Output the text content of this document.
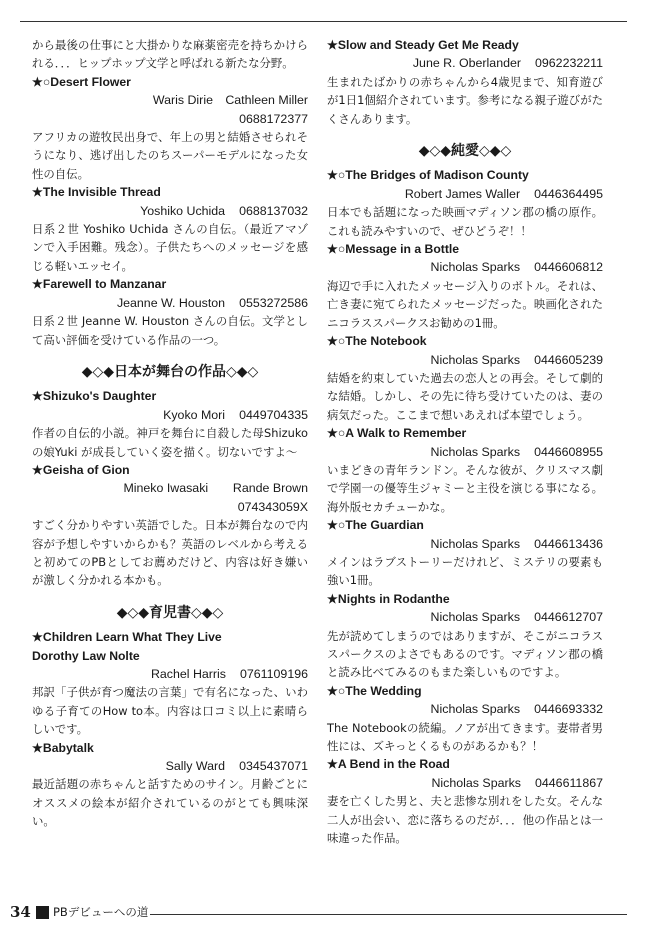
から最後の仕事にと大掛かりな麻薬密売を持ちかけられる．．．ヒップホップ文学と呼ばれる新たな分野。

★○Desert Flower
Waris Dirie　Cathleen Miller
0688172377

アフリカの遊牧民出身で、年上の男と結婚させられそうになり、逃げ出したのちスーパーモデルになった女性の自伝。

★The Invisible Thread
Yoshiko Uchida 0688137032

日系２世 Yoshiko Uchida さんの自伝。（最近アマゾンで入手困難。残念）。子供たちへのメッセージを感じる軽いエッセイ。

★Farewell to Manzanar
Jeanne W. Houston 0553272586

日系２世 Jeanne W. Houston さんの自伝。文学として高い評価を受けている作品の一つ。

◆◇◆日本が舞台の作品◇◆◇
★Shizuko's Daughter
Kyoko Mori 0449704335

作者の自伝的小説。神戸を舞台に自殺した母Shizukoの娘Yuki が成長していく姿を描く。切ないですよ〜

★Geisha of Gion
Mineko Iwasaki　　Rande Brown
074343059X

すごく分かりやすい英語でした。日本が舞台なので内容が予想しやすいからかも？英語のレベルから考えると初めてのPBとしてお薦めだけど、内容は好き嫌いが激しく分かれる本かも。

◆◇◆育児書◇◆◇
★Children Learn What They Live
Dorothy Law Nolte
Rachel Harris 0761109196

邦訳「子供が育つ魔法の言葉」で有名になった、いわゆる子育てのHow to本。内容は口コミ以上に素晴らしいです。

★Babytalk
Sally Ward 0345437071

最近話題の赤ちゃんと話すためのサイン。月齢ごとにオススメの絵本が紹介されているのがとても興味深い。

★Slow and Steady Get Me Ready
June R. Oberlander 0962232211

生まれたばかりの赤ちゃんから4歳児まで、知育遊びが1日1個紹介されています。参考になる親子遊びがたくさんあります。

◆◇◆純愛◇◆◇
★○The Bridges of Madison County
Robert James Waller 0446364495

日本でも話題になった映画マディソン郡の橋の原作。これも読みやすいので、ぜひどうぞ！！

★○Message in a Bottle
Nicholas Sparks 0446606812

海辺で手に入れたメッセージ入りのボトル。それは、亡き妻に宛てられたメッセージだった。映画化されたニコラススパークスお勧めの1冊。

★○The Notebook
Nicholas Sparks 0446605239

結婚を約束していた過去の恋人との再会。そして劇的な結婚。しかし、その先に待ち受けていたのは、妻の病気だった。ここまで想いあえれば本望でしょう。

★○A Walk to Remember
Nicholas Sparks 0446608955

いまどきの青年ランドン。そんな彼が、クリスマス劇で学園一の優等生ジャミーと主役を演じる事になる。海外版セカチューかな。

★○The Guardian
Nicholas Sparks 0446613436

メインはラブストーリーだけれど、ミステリの要素も強い1冊。

★Nights in Rodanthe
Nicholas Sparks 0446612707

先が読めてしまうのではありますが、そこがニコラススパークスのよさでもあるのです。マディソン郡の橋と読み比べてみるのもまた楽しいものですよ。

★○The Wedding
Nicholas Sparks 0446693332

The Notebookの続編。ノアが出てきます。妻帯者男性には、ズキっとくるものがあるかも？！

★A Bend in the Road
Nicholas Sparks 0446611867

妻を亡くした男と、夫と悲惨な別れをした女。そんな二人が出会い、恋に落ちるのだが．．．他の作品とは一味違った作品。

34 PBデビューへの道
